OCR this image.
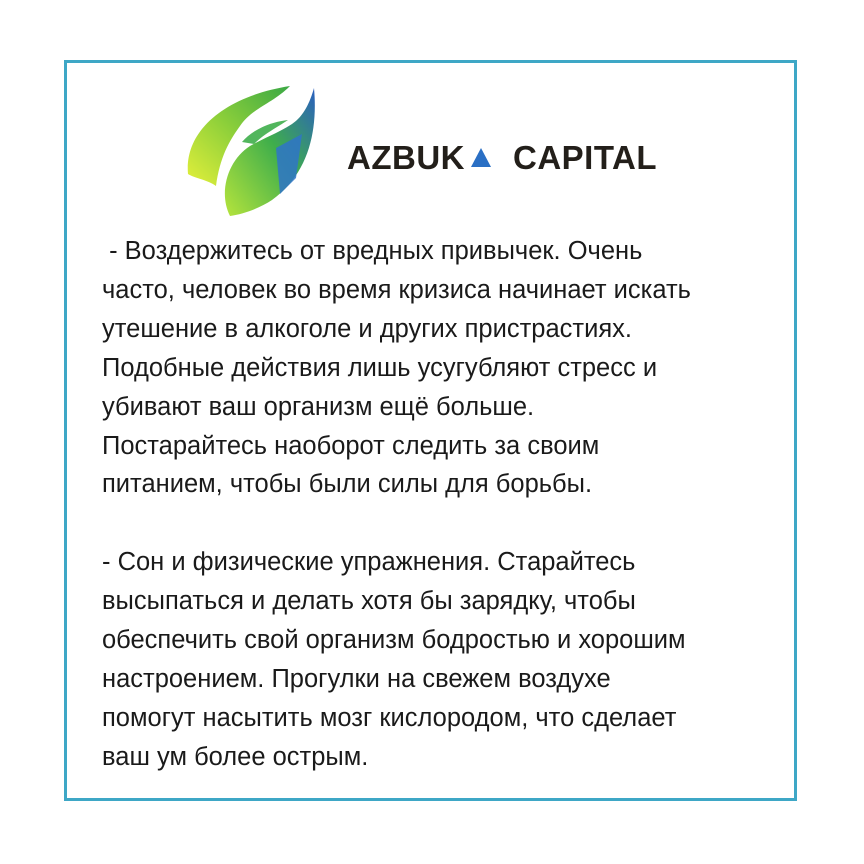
AZBUK CAPITAL

- Воздержитесь от вредных привычек. Очень
часто, человек во время кризиса начинает искать
утешение в алкоголе и других пристрастиях.
Подобные действия лишь усугубляют стресс и
убивают ваш организм ещё больше.
Постарайтесь наоборот следить за своим
питанием, чтобы были силы для борьбы.

- Сон и физические упражнения. Старайтесь
высыпаться и делать хотя бы зарядку, чтобы
обеспечить свой организм бодростью и хорошим
настроением. Прогулки на свежем воздухе
помогут насытить мозг кислородом, что сделает
ваш ум более острым.
